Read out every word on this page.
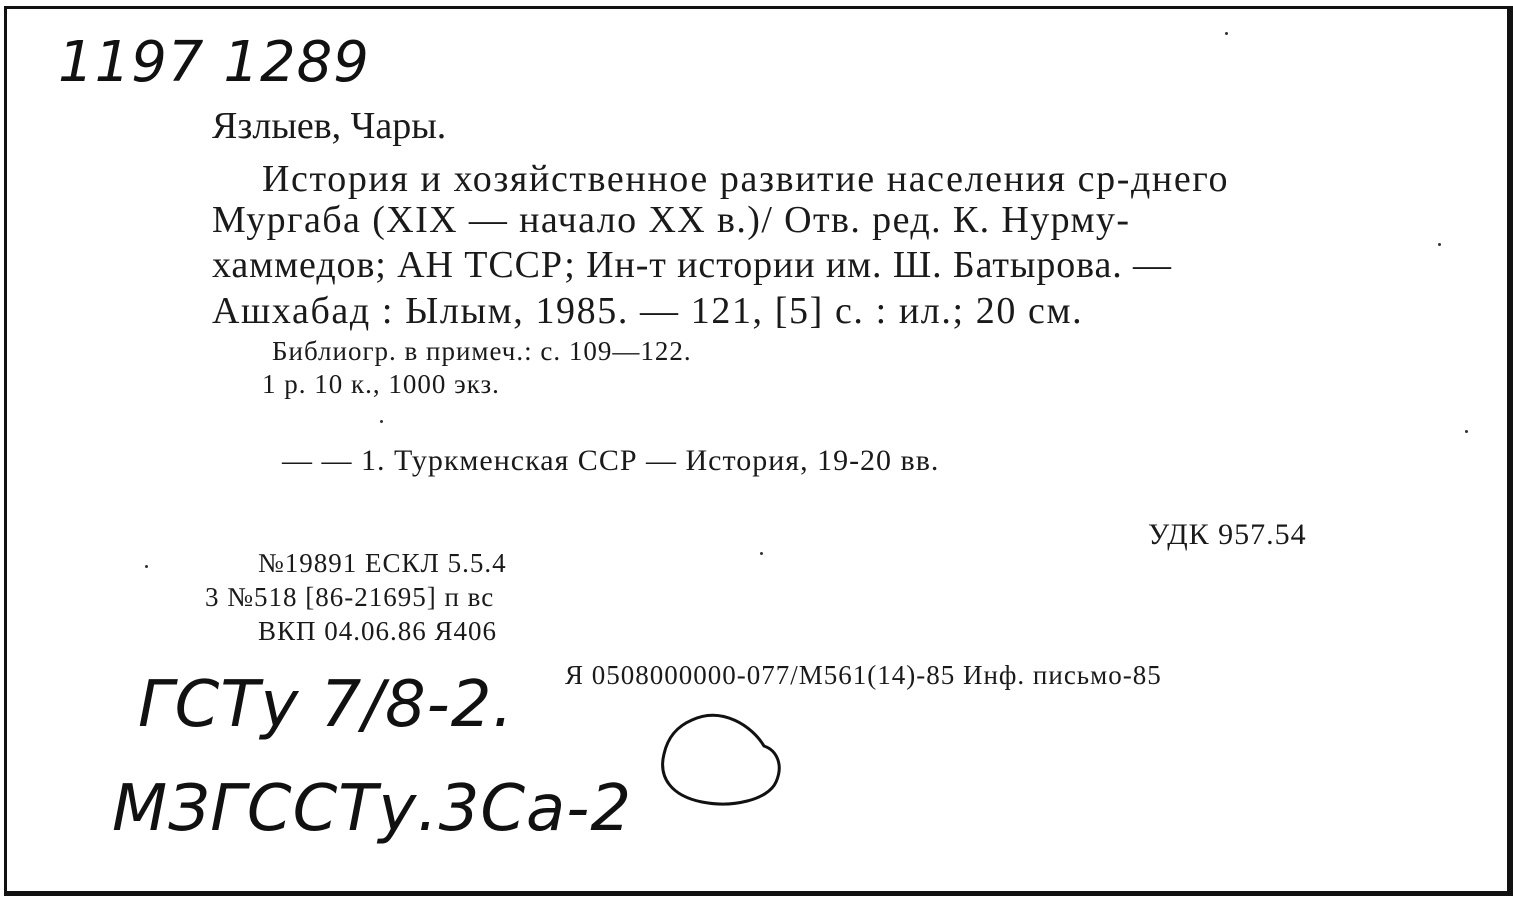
1197 1289
Язлыев, Чары.
История и хозяйственное развитие населения ср-днего
Мургаба (XIX — начало XX в.)/ Отв. ред. К. Нурму-
хаммедов; АН ТССР; Ин-т истории им. Ш. Батырова. —
Ашхабад : Ылым, 1985. — 121, [5] с. : ил.; 20 см.
Библиогр. в примеч.: с. 109—122.
1 р. 10 к., 1000 экз.
— — 1. Туркменская ССР — История, 19-20 вв.
УДК 957.54
№19891 ЕСКЛ 5.5.4
3 №518 [86-21695] п вс
ВКП 04.06.86 Я406
Я 0508000000-077/М561(14)-85 Инф. письмо-85
ГСТу 7/8-2.
МЗГССТу.3Са-2
